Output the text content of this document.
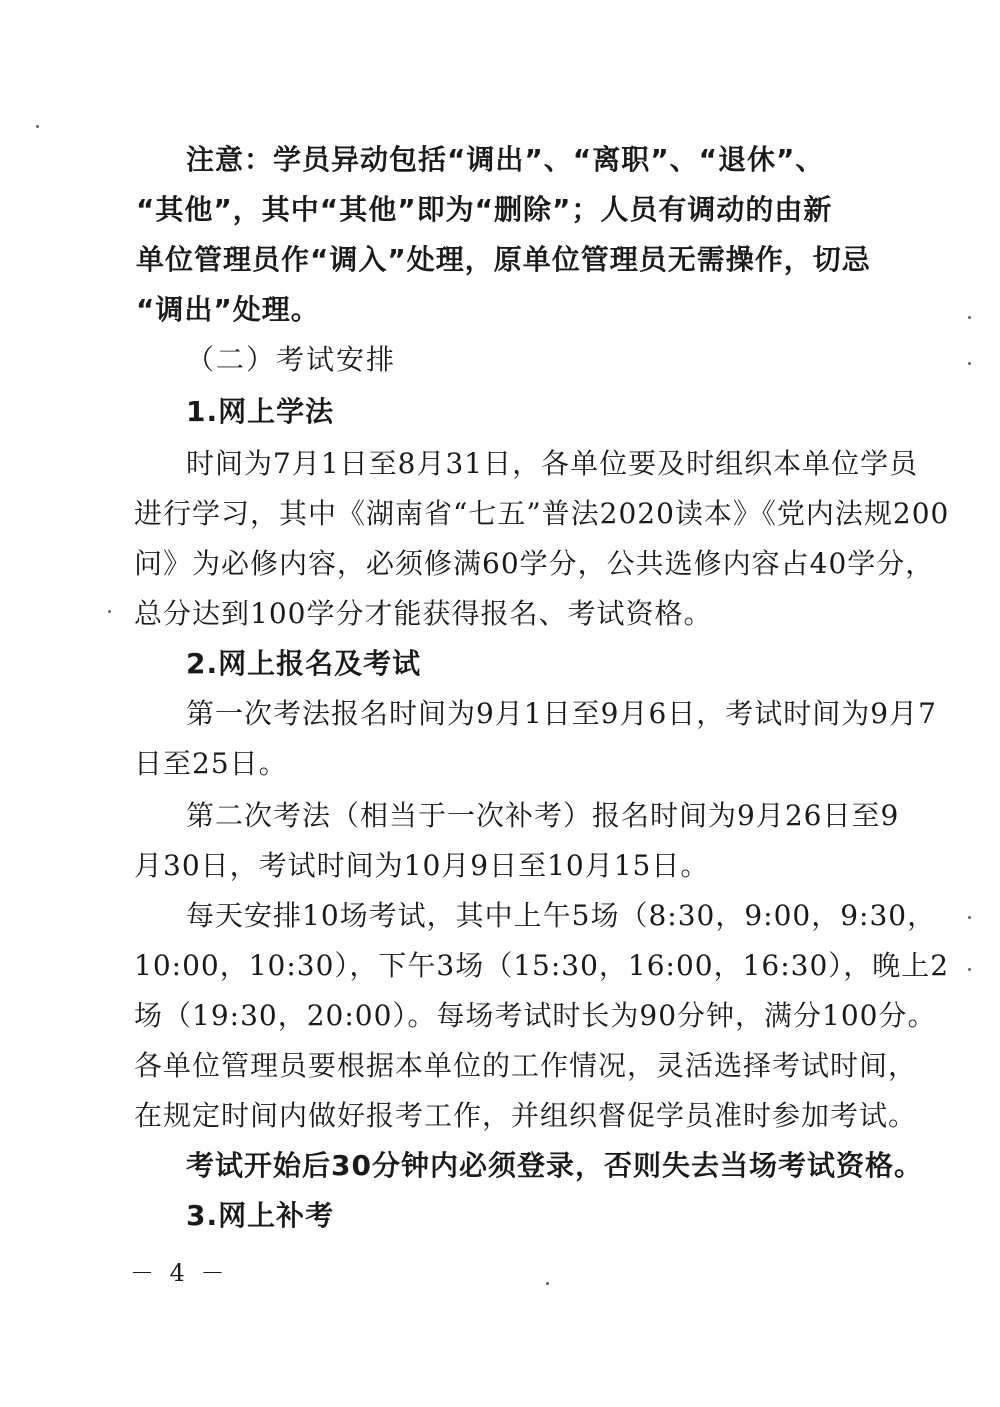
注意：学员异动包括“调出”、“离职”、“退休”、
“其他”，其中“其他”即为“删除”；人员有调动的由新
单位管理员作“调入”处理，原单位管理员无需操作，切忌
“调出”处理。
（二）考试安排
1.网上学法
时间为7月1日至8月31日，各单位要及时组织本单位学员
进行学习，其中《湖南省“七五”普法2020读本》《党内法规200
问》为必修内容，必须修满60学分，公共选修内容占40学分，
总分达到100学分才能获得报名、考试资格。
2.网上报名及考试
第一次考法报名时间为9月1日至9月6日，考试时间为9月7
日至25日。
第二次考法（相当于一次补考）报名时间为9月26日至9
月30日，考试时间为10月9日至10月15日。
每天安排10场考试，其中上午5场（8:30，9:00，9:30，
10:00，10:30），下午3场（15:30，16:00，16:30），晚上2
场（19:30，20:00）。每场考试时长为90分钟，满分100分。
各单位管理员要根据本单位的工作情况，灵活选择考试时间，
在规定时间内做好报考工作，并组织督促学员准时参加考试。
考试开始后30分钟内必须登录，否则失去当场考试资格。
3.网上补考
－ 4 －
